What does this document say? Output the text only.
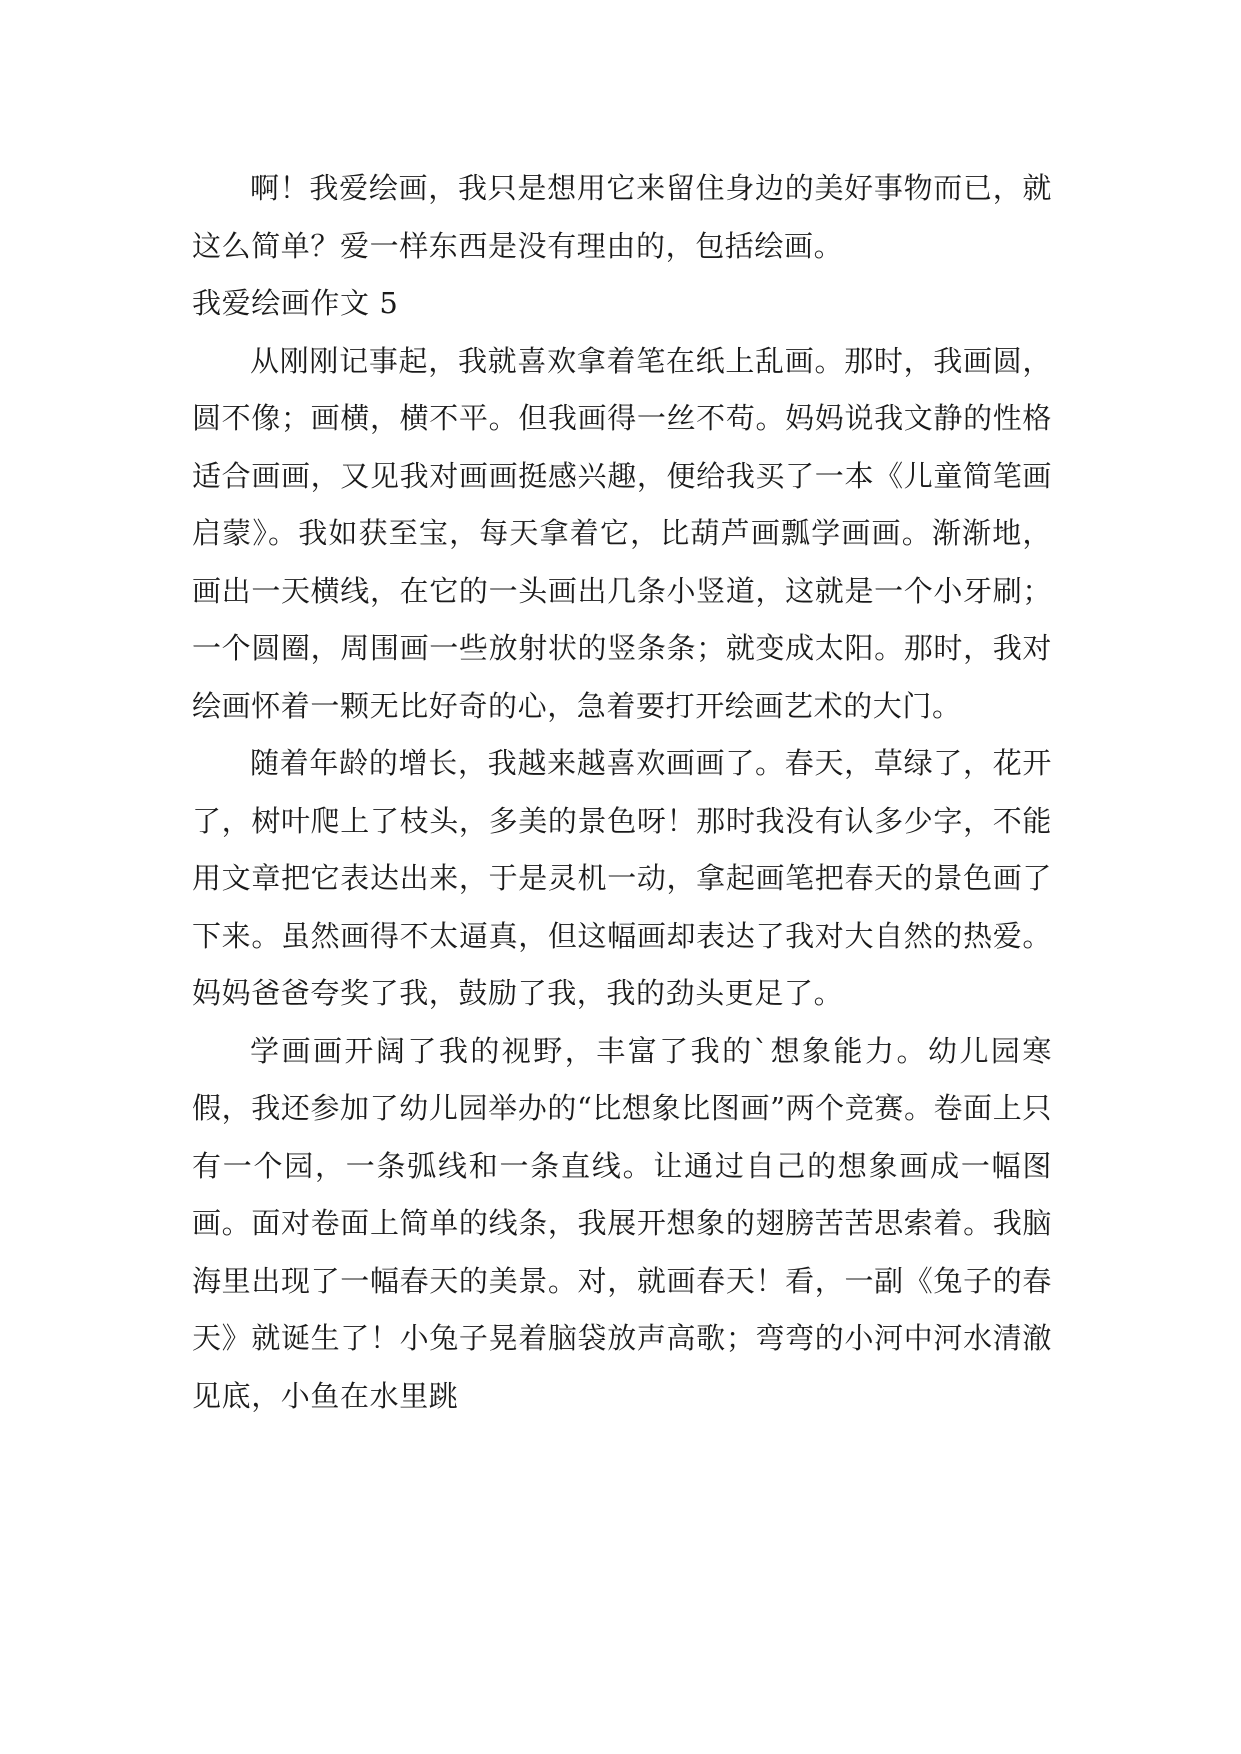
啊！我爱绘画，我只是想用它来留住身边的美好事物而已，就这么简单？爱一样东西是没有理由的，包括绘画。

我爱绘画作文 5

从刚刚记事起，我就喜欢拿着笔在纸上乱画。那时，我画圆，圆不像；画横，横不平。但我画得一丝不苟。妈妈说我文静的性格适合画画，又见我对画画挺感兴趣，便给我买了一本《儿童简笔画启蒙》。我如获至宝，每天拿着它，比葫芦画瓢学画画。渐渐地，画出一天横线，在它的一头画出几条小竖道，这就是一个小牙刷；一个圆圈，周围画一些放射状的竖条条；就变成太阳。那时，我对绘画怀着一颗无比好奇的心，急着要打开绘画艺术的大门。

随着年龄的增长，我越来越喜欢画画了。春天，草绿了，花开了，树叶爬上了枝头，多美的景色呀！那时我没有认多少字，不能用文章把它表达出来，于是灵机一动，拿起画笔把春天的景色画了下来。虽然画得不太逼真，但这幅画却表达了我对大自然的热爱。妈妈爸爸夸奖了我，鼓励了我，我的劲头更足了。

学画画开阔了我的视野，丰富了我的`想象能力。幼儿园寒假，我还参加了幼儿园举办的“比想象比图画”两个竞赛。卷面上只有一个园，一条弧线和一条直线。让通过自己的想象画成一幅图画。面对卷面上简单的线条，我展开想象的翅膀苦苦思索着。我脑海里出现了一幅春天的美景。对，就画春天！看，一副《兔子的春天》就诞生了！小兔子晃着脑袋放声高歌；弯弯的小河中河水清澈见底，小鱼在水里跳
